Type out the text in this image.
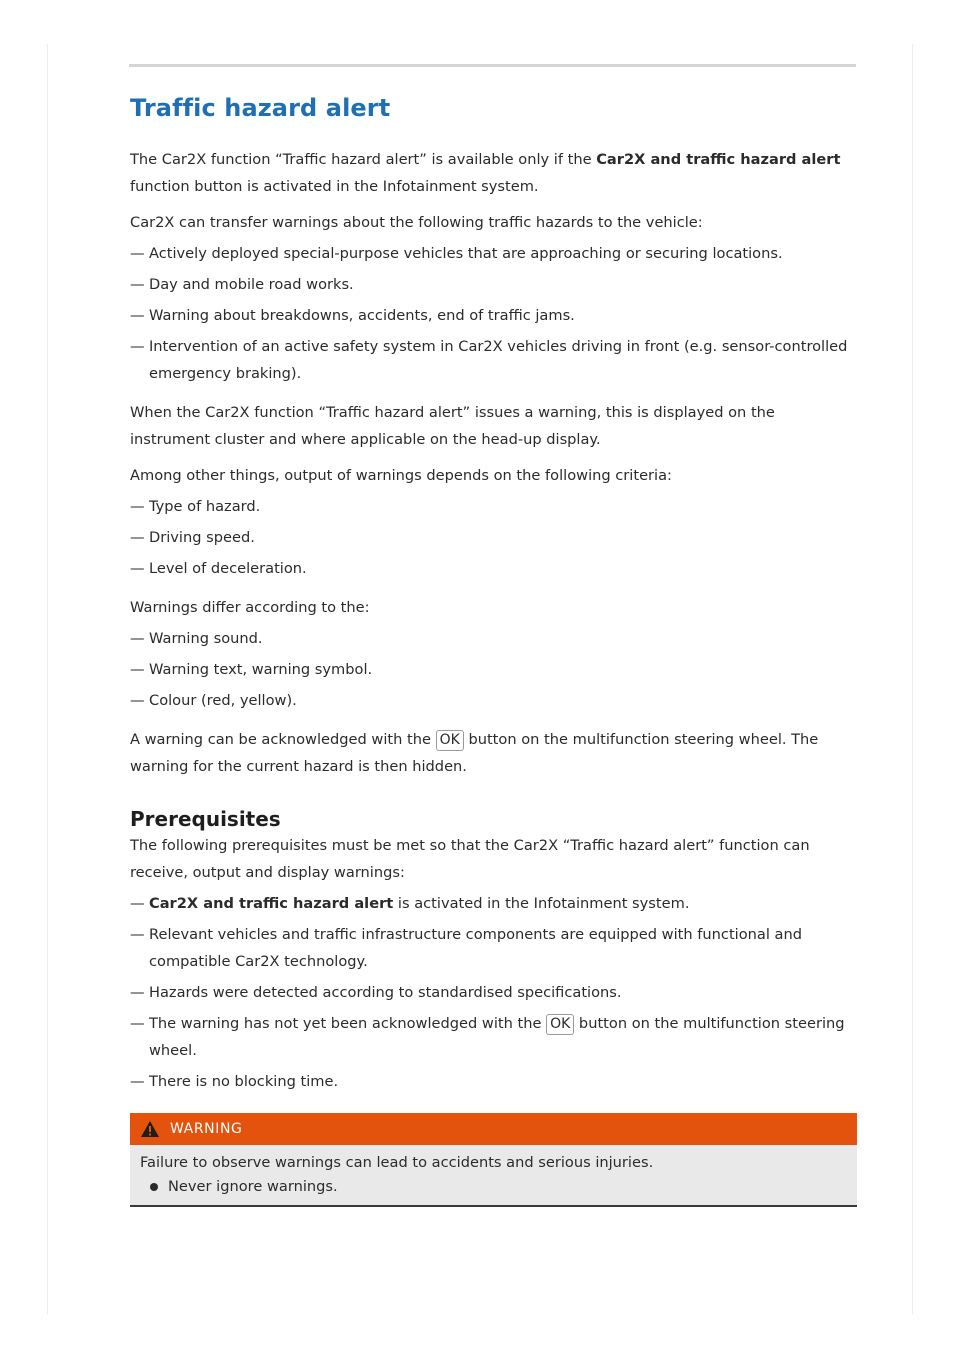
Traffic hazard alert

The Car2X function “Traffic hazard alert” is available only if the Car2X and traffic hazard alert function button is activated in the Infotainment system.

Car2X can transfer warnings about the following traffic hazards to the vehicle:

— Actively deployed special-purpose vehicles that are approaching or securing locations.
— Day and mobile road works.
— Warning about breakdowns, accidents, end of traffic jams.
— Intervention of an active safety system in Car2X vehicles driving in front (e.g. sensor-controlled emergency braking).

When the Car2X function “Traffic hazard alert” issues a warning, this is displayed on the instrument cluster and where applicable on the head-up display.

Among other things, output of warnings depends on the following criteria:

— Type of hazard.
— Driving speed.
— Level of deceleration.

Warnings differ according to the:

— Warning sound.
— Warning text, warning symbol.
— Colour (red, yellow).

A warning can be acknowledged with the OK button on the multifunction steering wheel. The warning for the current hazard is then hidden.

Prerequisites

The following prerequisites must be met so that the Car2X “Traffic hazard alert” function can receive, output and display warnings:

— Car2X and traffic hazard alert is activated in the Infotainment system.
— Relevant vehicles and traffic infrastructure components are equipped with functional and compatible Car2X technology.
— Hazards were detected according to standardised specifications.
— The warning has not yet been acknowledged with the OK button on the multifunction steering wheel.
— There is no blocking time.
WARNING

Failure to observe warnings can lead to accidents and serious injuries.

Never ignore warnings.
